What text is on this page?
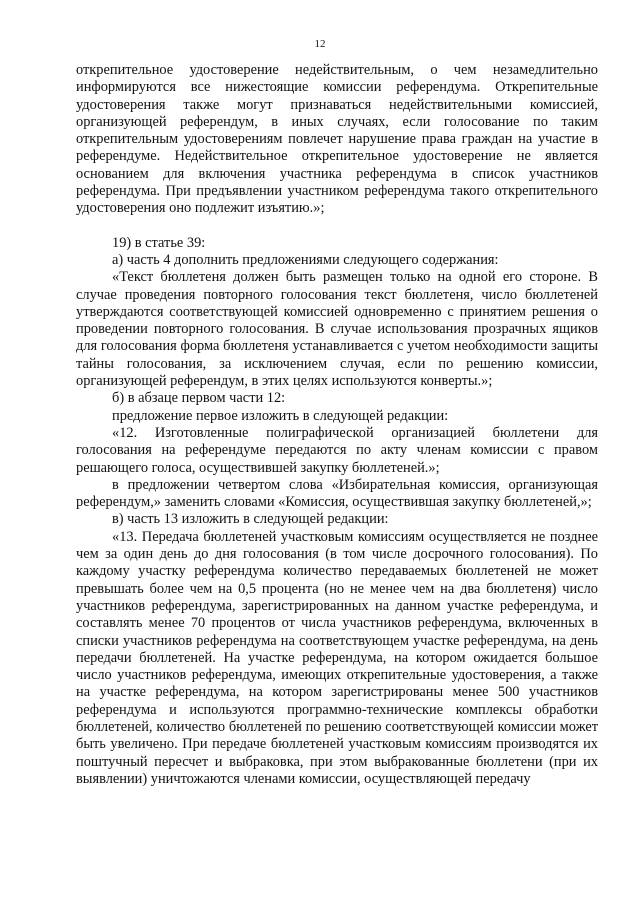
12

открепительное удостоверение недействительным, о чем незамедлительно информируются все нижестоящие комиссии референдума. Открепительные удостоверения также могут признаваться недействительными комиссией, организующей референдум, в иных случаях, если голосование по таким открепительным удостоверениям повлечет нарушение права граждан на участие в референдуме. Недействительное открепительное удостоверение не является основанием для включения участника референдума в список участников референдума. При предъявлении участником референдума такого открепительного удостоверения оно подлежит изъятию.»;

19) в статье 39:

а) часть 4 дополнить предложениями следующего содержания:

«Текст бюллетеня должен быть размещен только на одной его стороне. В случае проведения повторного голосования текст бюллетеня, число бюллетеней утверждаются соответствующей комиссией одновременно с принятием решения о проведении повторного голосования. В случае использования прозрачных ящиков для голосования форма бюллетеня устанавливается с учетом необходимости защиты тайны голосования, за исключением случая, если по решению комиссии, организующей референдум, в этих целях используются конверты.»;

б) в абзаце первом части 12:

предложение первое изложить в следующей редакции:

«12. Изготовленные полиграфической организацией бюллетени для голосования на референдуме передаются по акту членам комиссии с правом решающего голоса, осуществившей закупку бюллетеней.»;

в предложении четвертом слова «Избирательная комиссия, организующая референдум,» заменить словами «Комиссия, осуществившая закупку бюллетеней,»;

в) часть 13 изложить в следующей редакции:

«13. Передача бюллетеней участковым комиссиям осуществляется не позднее чем за один день до дня голосования (в том числе досрочного голосования). По каждому участку референдума количество передаваемых бюллетеней не может превышать более чем на 0,5 процента (но не менее чем на два бюллетеня) число участников референдума, зарегистрированных на данном участке референдума, и составлять менее 70 процентов от числа участников референдума, включенных в списки участников референдума на соответствующем участке референдума, на день передачи бюллетеней. На участке референдума, на котором ожидается большое число участников референдума, имеющих открепительные удостоверения, а также на участке референдума, на котором зарегистрированы менее 500 участников референдума и используются программно-технические комплексы обработки бюллетеней, количество бюллетеней по решению соответствующей комиссии может быть увеличено. При передаче бюллетеней участковым комиссиям производятся их поштучный пересчет и выбраковка, при этом выбракованные бюллетени (при их выявлении) уничтожаются членами комиссии, осуществляющей передачу
